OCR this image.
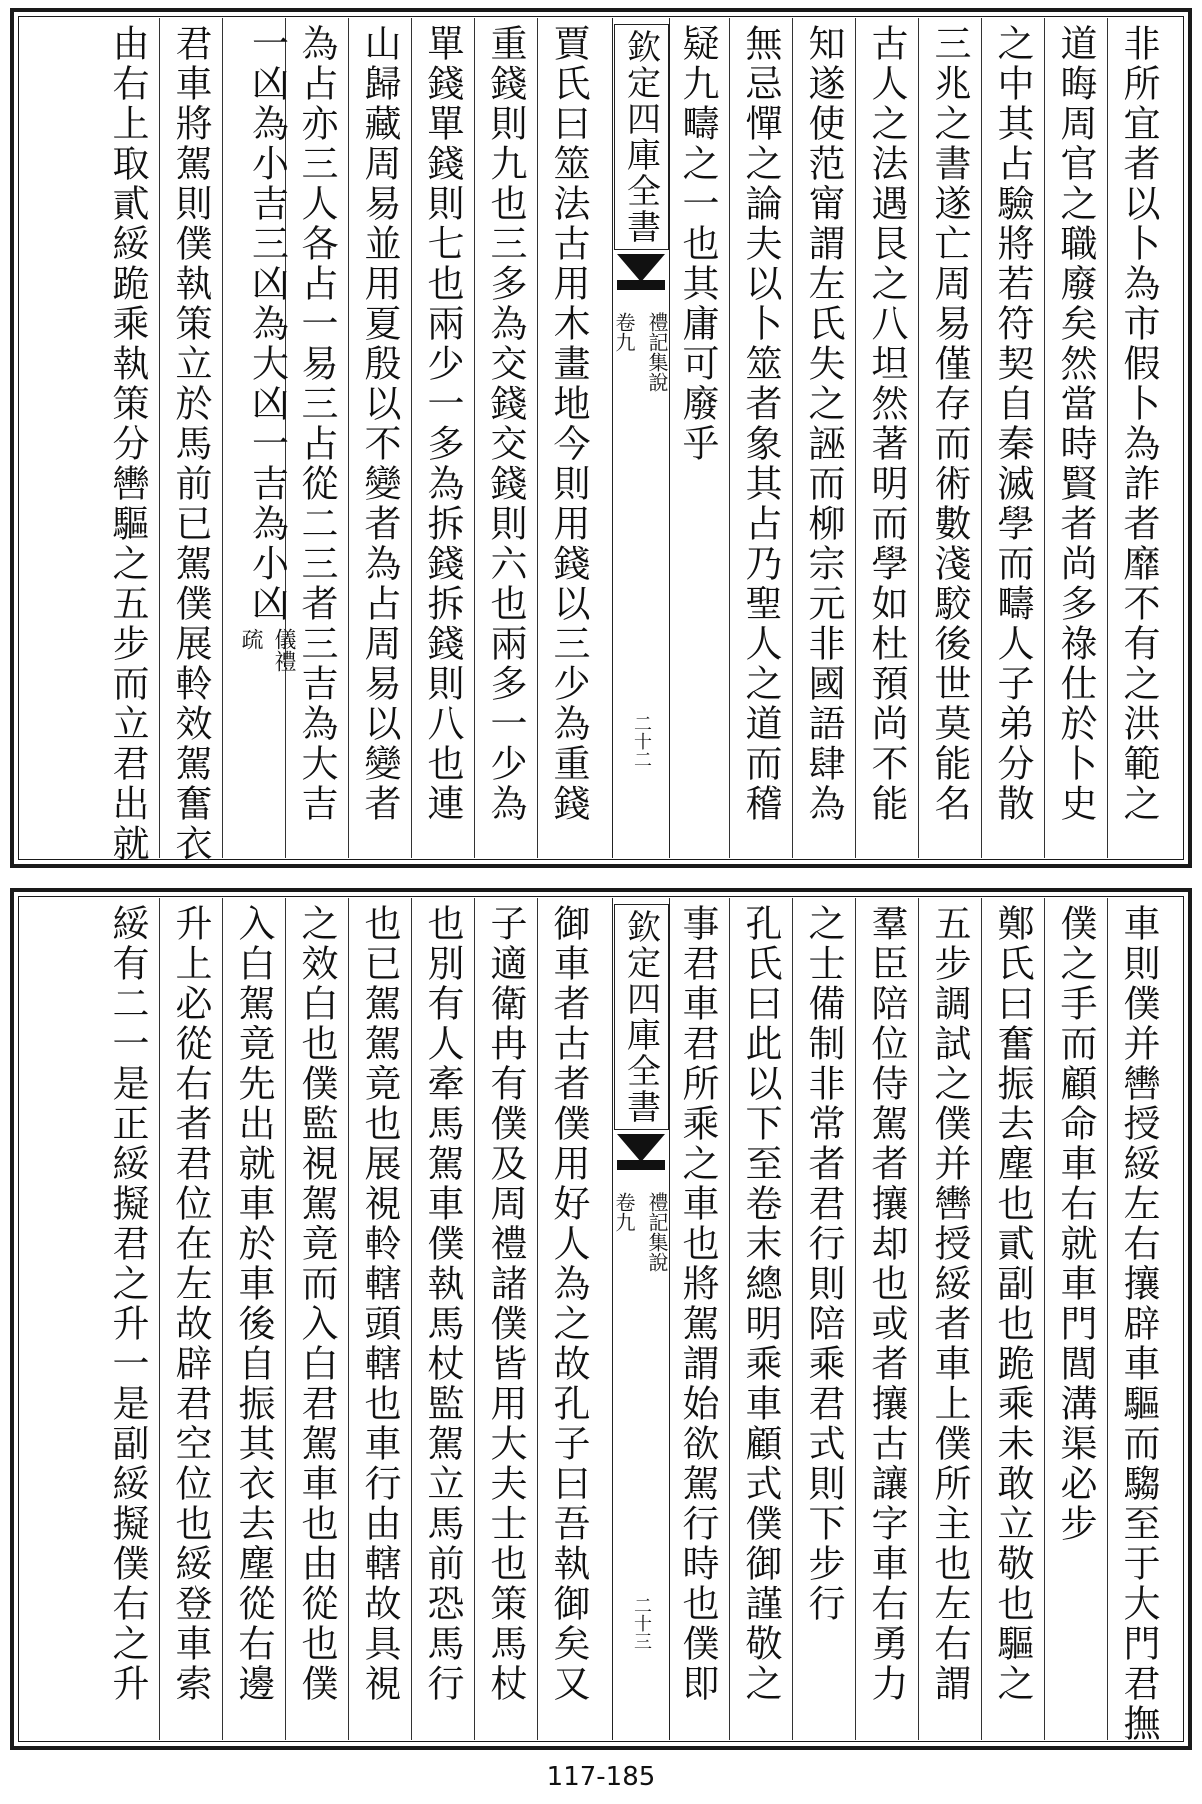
非所宜者以卜為市假卜為詐者靡不有之洪範之
道晦周官之職廢矣然當時賢者尚多祿仕於卜史
之中其占驗將若符契自秦滅學而疇人子弟分散
三兆之書遂亡周易僅存而術數淺駮後世莫能名
古人之法遇艮之八坦然著明而學如杜預尚不能
知遂使范甯謂左氏失之誣而柳宗元非國語肆為
無忌憚之論夫以卜筮者象其占乃聖人之道而稽
疑九疇之一也其庸可廢乎
欽定四庫全書
禮記集說
卷九
二十二
賈氏曰筮法古用木畫地今則用錢以三少為重錢
重錢則九也三多為交錢交錢則六也兩多一少為
單錢單錢則七也兩少一多為拆錢拆錢則八也連
山歸藏周易並用夏殷以不變者為占周易以變者
為占亦三人各占一易三占從二三者三吉為大吉
一凶為小吉三凶為大凶一吉為小凶
儀禮
疏
君車將駕則僕執策立於馬前已駕僕展軨效駕奮衣
由右上取貳綏跪乘執策分轡驅之五步而立君出就
車則僕并轡授綏左右攘辟車驅而騶至于大門君撫
僕之手而顧命車右就車門閭溝渠必步
鄭氏曰奮振去塵也貳副也跪乘未敢立敬也驅之
五步調試之僕并轡授綏者車上僕所主也左右謂
羣臣陪位侍駕者攘却也或者攘古讓字車右勇力
之士備制非常者君行則陪乘君式則下步行
孔氏曰此以下至卷末總明乘車顧式僕御謹敬之
事君車君所乘之車也將駕謂始欲駕行時也僕即
欽定四庫全書
禮記集說
卷九
二十三
御車者古者僕用好人為之故孔子曰吾執御矣又
子適衛冉有僕及周禮諸僕皆用大夫士也策馬杖
也別有人牽馬駕車僕執馬杖監駕立馬前恐馬行
也已駕駕竟也展視軨轄頭轄也車行由轄故具視
之效白也僕監視駕竟而入白君駕車也由從也僕
入白駕竟先出就車於車後自振其衣去塵從右邊
升上必從右者君位在左故辟君空位也綏登車索
綏有二一是正綏擬君之升一是副綏擬僕右之升
117-185
